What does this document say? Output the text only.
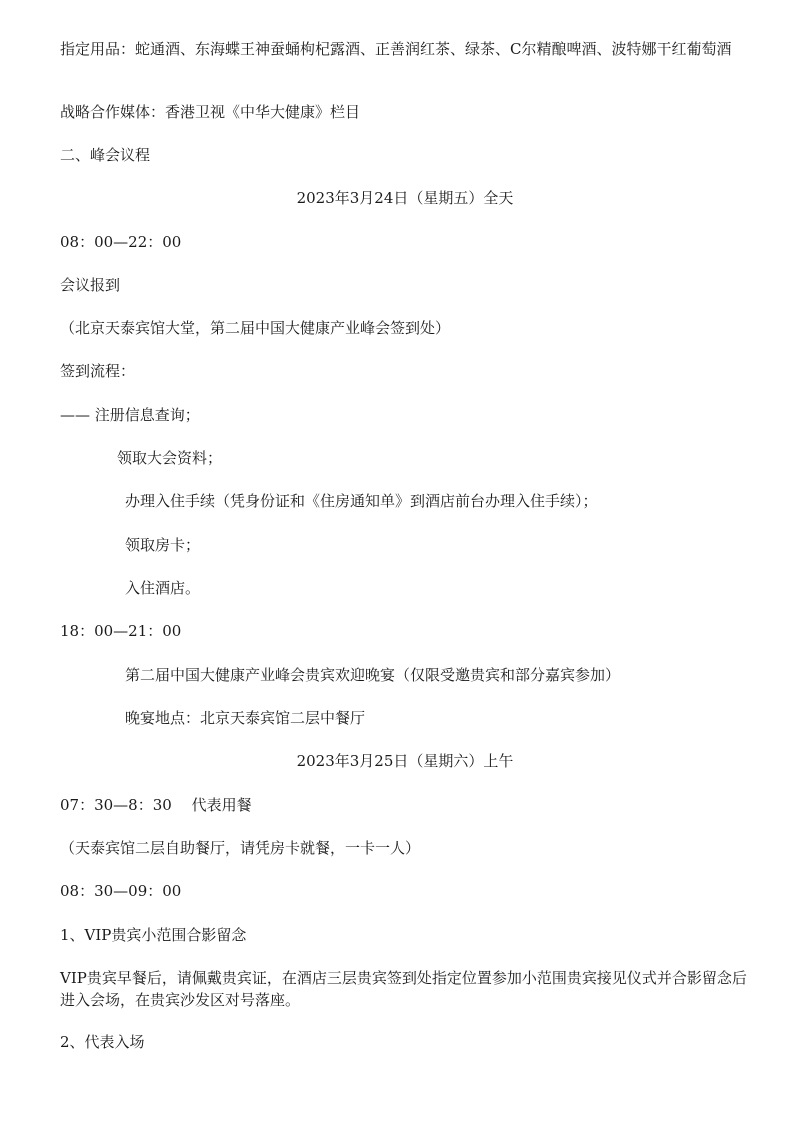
指定用品：蛇通酒、东海蝶王神蚕蛹枸杞露酒、正善润红茶、绿茶、C尔精酿啤酒、波特娜干红葡萄酒

战略合作媒体：香港卫视《中华大健康》栏目

二、峰会议程

2023年3月24日（星期五）全天

08：00—22：00

会议报到

（北京天泰宾馆大堂，第二届中国大健康产业峰会签到处）

签到流程：

—— 注册信息查询；

领取大会资料；

办理入住手续（凭身份证和《住房通知单》到酒店前台办理入住手续）；

领取房卡；

入住酒店。

18：00—21：00

第二届中国大健康产业峰会贵宾欢迎晚宴（仅限受邀贵宾和部分嘉宾参加）

晚宴地点：北京天泰宾馆二层中餐厅

2023年3月25日（星期六）上午

07：30—8：30　 代表用餐

（天泰宾馆二层自助餐厅，请凭房卡就餐，一卡一人）

08：30—09：00

1、VIP贵宾小范围合影留念

VIP贵宾早餐后，请佩戴贵宾证，在酒店三层贵宾签到处指定位置参加小范围贵宾接见仪式并合影留念后进入会场，在贵宾沙发区对号落座。

2、代表入场
